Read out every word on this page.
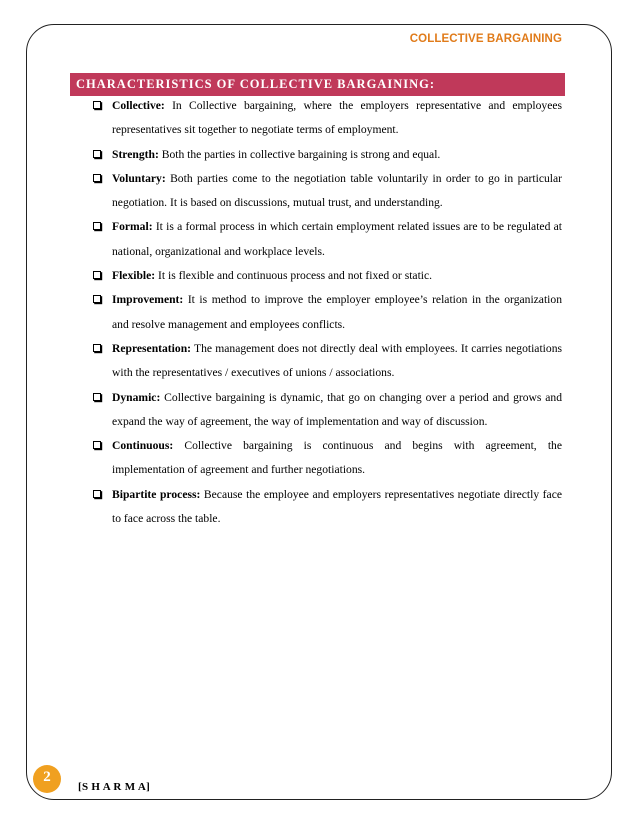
COLLECTIVE BARGAINING
CHARACTERISTICS OF COLLECTIVE BARGAINING:
Collective: In Collective bargaining, where the employers representative and employees representatives sit together to negotiate terms of employment.
Strength: Both the parties in collective bargaining is strong and equal.
Voluntary: Both parties come to the negotiation table voluntarily in order to go in particular negotiation. It is based on discussions, mutual trust, and understanding.
Formal: It is a formal process in which certain employment related issues are to be regulated at national, organizational and workplace levels.
Flexible: It is flexible and continuous process and not fixed or static.
Improvement: It is method to improve the employer employee’s relation in the organization and resolve management and employees conflicts.
Representation: The management does not directly deal with employees. It carries negotiations with the representatives / executives of unions / associations.
Dynamic: Collective bargaining is dynamic, that go on changing over a period and grows and expand the way of agreement, the way of implementation and way of discussion.
Continuous: Collective bargaining is continuous and begins with agreement, the implementation of agreement and further negotiations.
Bipartite process: Because the employee and employers representatives negotiate directly face to face across the table.
2
[S H A R M A]
